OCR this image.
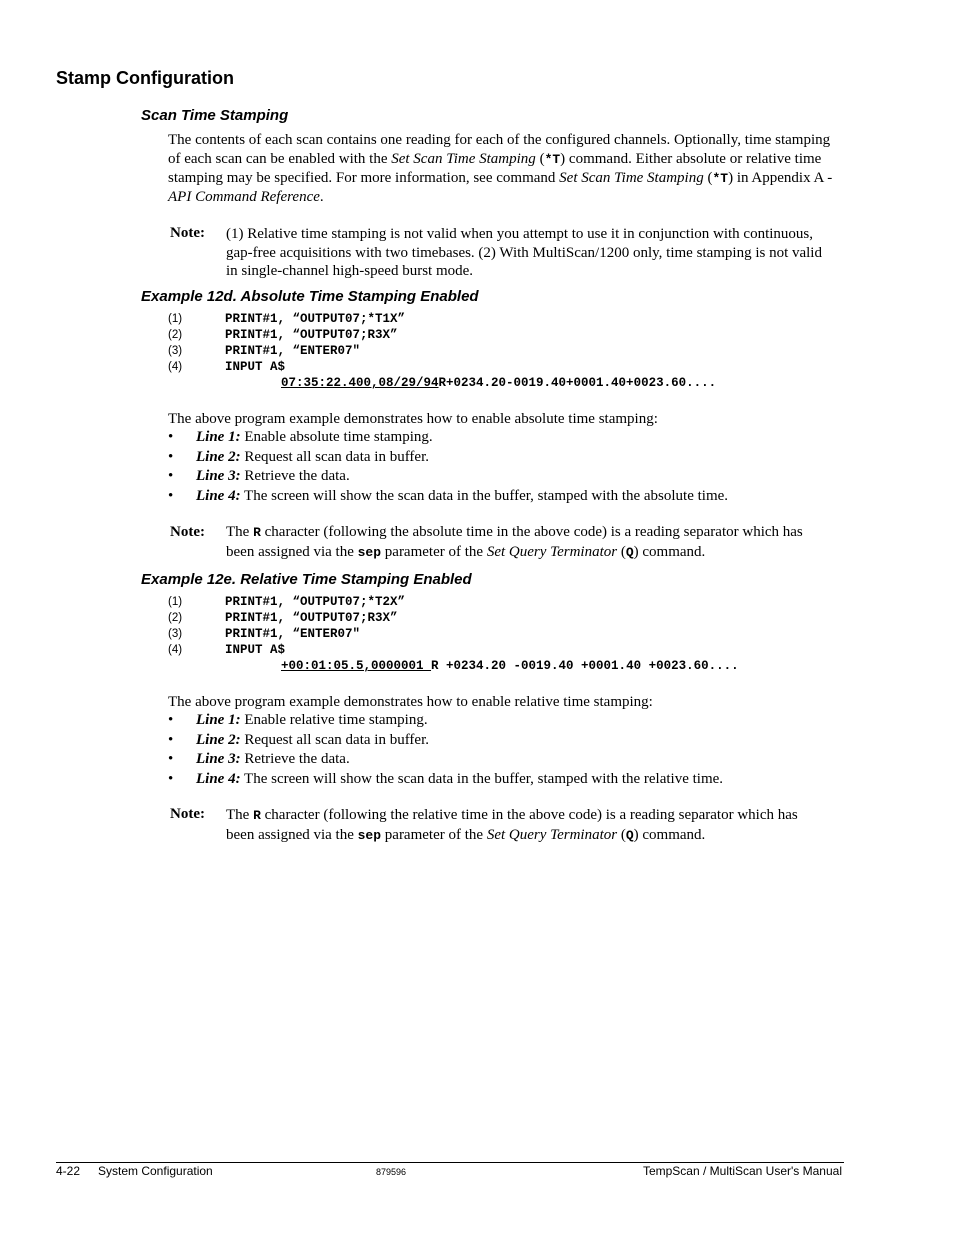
Stamp Configuration
Scan Time Stamping
The contents of each scan contains one reading for each of the configured channels. Optionally, time stamping of each scan can be enabled with the Set Scan Time Stamping (*T) command. Either absolute or relative time stamping may be specified. For more information, see command Set Scan Time Stamping (*T) in Appendix A - API Command Reference.
Note: (1) Relative time stamping is not valid when you attempt to use it in conjunction with continuous, gap-free acquisitions with two timebases. (2) With MultiScan/1200 only, time stamping is not valid in single-channel high-speed burst mode.
Example 12d. Absolute Time Stamping Enabled
(1)
(2)
(3)
(4)
PRINT#1, “OUTPUT07;*T1X”
PRINT#1, “OUTPUT07;R3X”
PRINT#1, “ENTER07"
INPUT A$
07:35:22.400,08/29/94R+0234.20-0019.40+0001.40+0023.60....
The above program example demonstrates how to enable absolute time stamping:
• Line 1: Enable absolute time stamping.
• Line 2: Request all scan data in buffer.
• Line 3: Retrieve the data.
• Line 4: The screen will show the scan data in the buffer, stamped with the absolute time.
Note: The R character (following the absolute time in the above code) is a reading separator which has been assigned via the sep parameter of the Set Query Terminator (Q) command.
Example 12e. Relative Time Stamping Enabled
(1)
(2)
(3)
(4)
PRINT#1, “OUTPUT07;*T2X”
PRINT#1, “OUTPUT07;R3X”
PRINT#1, “ENTER07"
INPUT A$
+00:01:05.5,0000001 R +0234.20 -0019.40 +0001.40 +0023.60....
The above program example demonstrates how to enable relative time stamping:
• Line 1: Enable relative time stamping.
• Line 2: Request all scan data in buffer.
• Line 3: Retrieve the data.
• Line 4: The screen will show the scan data in the buffer, stamped with the relative time.
Note: The R character (following the relative time in the above code) is a reading separator which has been assigned via the sep parameter of the Set Query Terminator (Q) command.
4-22 System Configuration	879596	TempScan / MultiScan User's Manual
